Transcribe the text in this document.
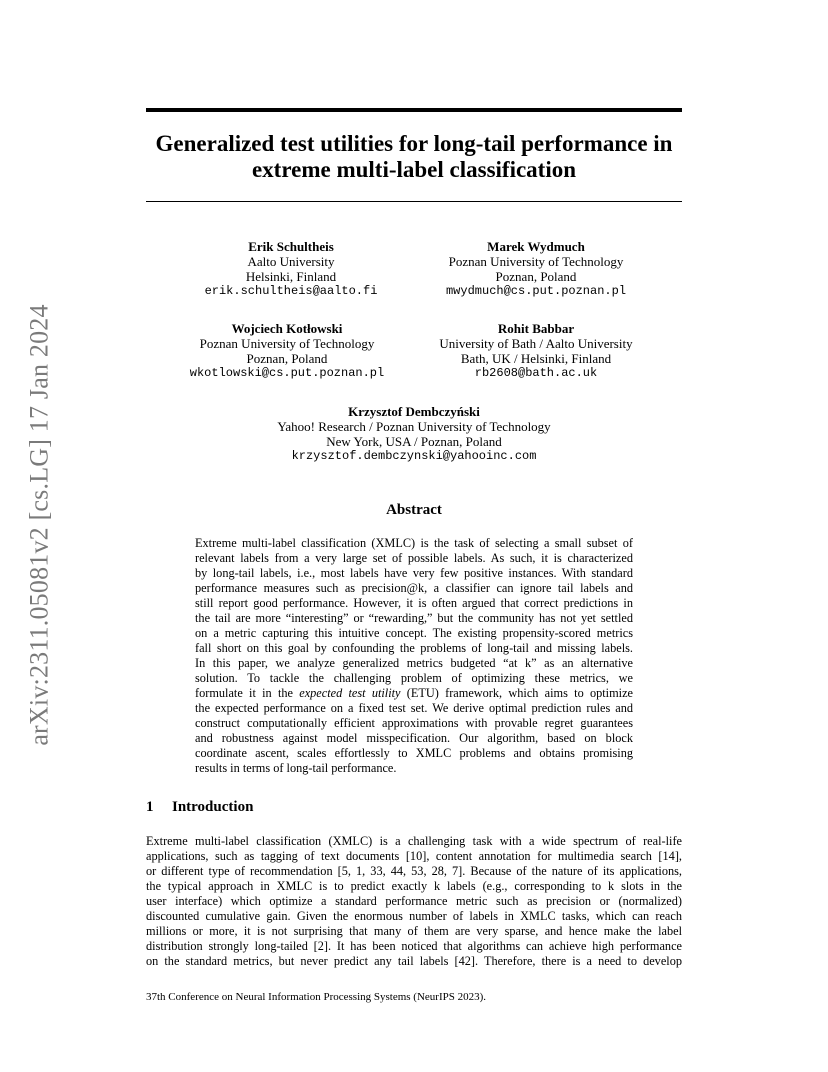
arXiv:2311.05081v2 [cs.LG] 17 Jan 2024
Generalized test utilities for long-tail performance in
extreme multi-label classification
Erik Schultheis
Aalto University
Helsinki, Finland
erik.schultheis@aalto.fi
Marek Wydmuch
Poznan University of Technology
Poznan, Poland
mwydmuch@cs.put.poznan.pl
Wojciech Kotłowski
Poznan University of Technology
Poznan, Poland
wkotlowski@cs.put.poznan.pl
Rohit Babbar
University of Bath / Aalto University
Bath, UK / Helsinki, Finland
rb2608@bath.ac.uk
Krzysztof Dembczyński
Yahoo! Research / Poznan University of Technology
New York, USA / Poznan, Poland
krzysztof.dembczynski@yahooinc.com
Abstract
Extreme multi-label classification (XMLC) is the task of selecting a small subset of
relevant labels from a very large set of possible labels. As such, it is characterized
by long-tail labels, i.e., most labels have very few positive instances. With standard
performance measures such as precision@k, a classifier can ignore tail labels and
still report good performance. However, it is often argued that correct predictions in
the tail are more “interesting” or “rewarding,” but the community has not yet settled
on a metric capturing this intuitive concept. The existing propensity-scored metrics
fall short on this goal by confounding the problems of long-tail and missing labels.
In this paper, we analyze generalized metrics budgeted “at k” as an alternative
solution. To tackle the challenging problem of optimizing these metrics, we
formulate it in the expected test utility (ETU) framework, which aims to optimize
the expected performance on a fixed test set. We derive optimal prediction rules and
construct computationally efficient approximations with provable regret guarantees
and robustness against model misspecification. Our algorithm, based on block
coordinate ascent, scales effortlessly to XMLC problems and obtains promising
results in terms of long-tail performance.
1 Introduction
Extreme multi-label classification (XMLC) is a challenging task with a wide spectrum of real-life
applications, such as tagging of text documents [10], content annotation for multimedia search [14],
or different type of recommendation [5, 1, 33, 44, 53, 28, 7]. Because of the nature of its applications,
the typical approach in XMLC is to predict exactly k labels (e.g., corresponding to k slots in the
user interface) which optimize a standard performance metric such as precision or (normalized)
discounted cumulative gain. Given the enormous number of labels in XMLC tasks, which can reach
millions or more, it is not surprising that many of them are very sparse, and hence make the label
distribution strongly long-tailed [2]. It has been noticed that algorithms can achieve high performance
on the standard metrics, but never predict any tail labels [42]. Therefore, there is a need to develop
37th Conference on Neural Information Processing Systems (NeurIPS 2023).
